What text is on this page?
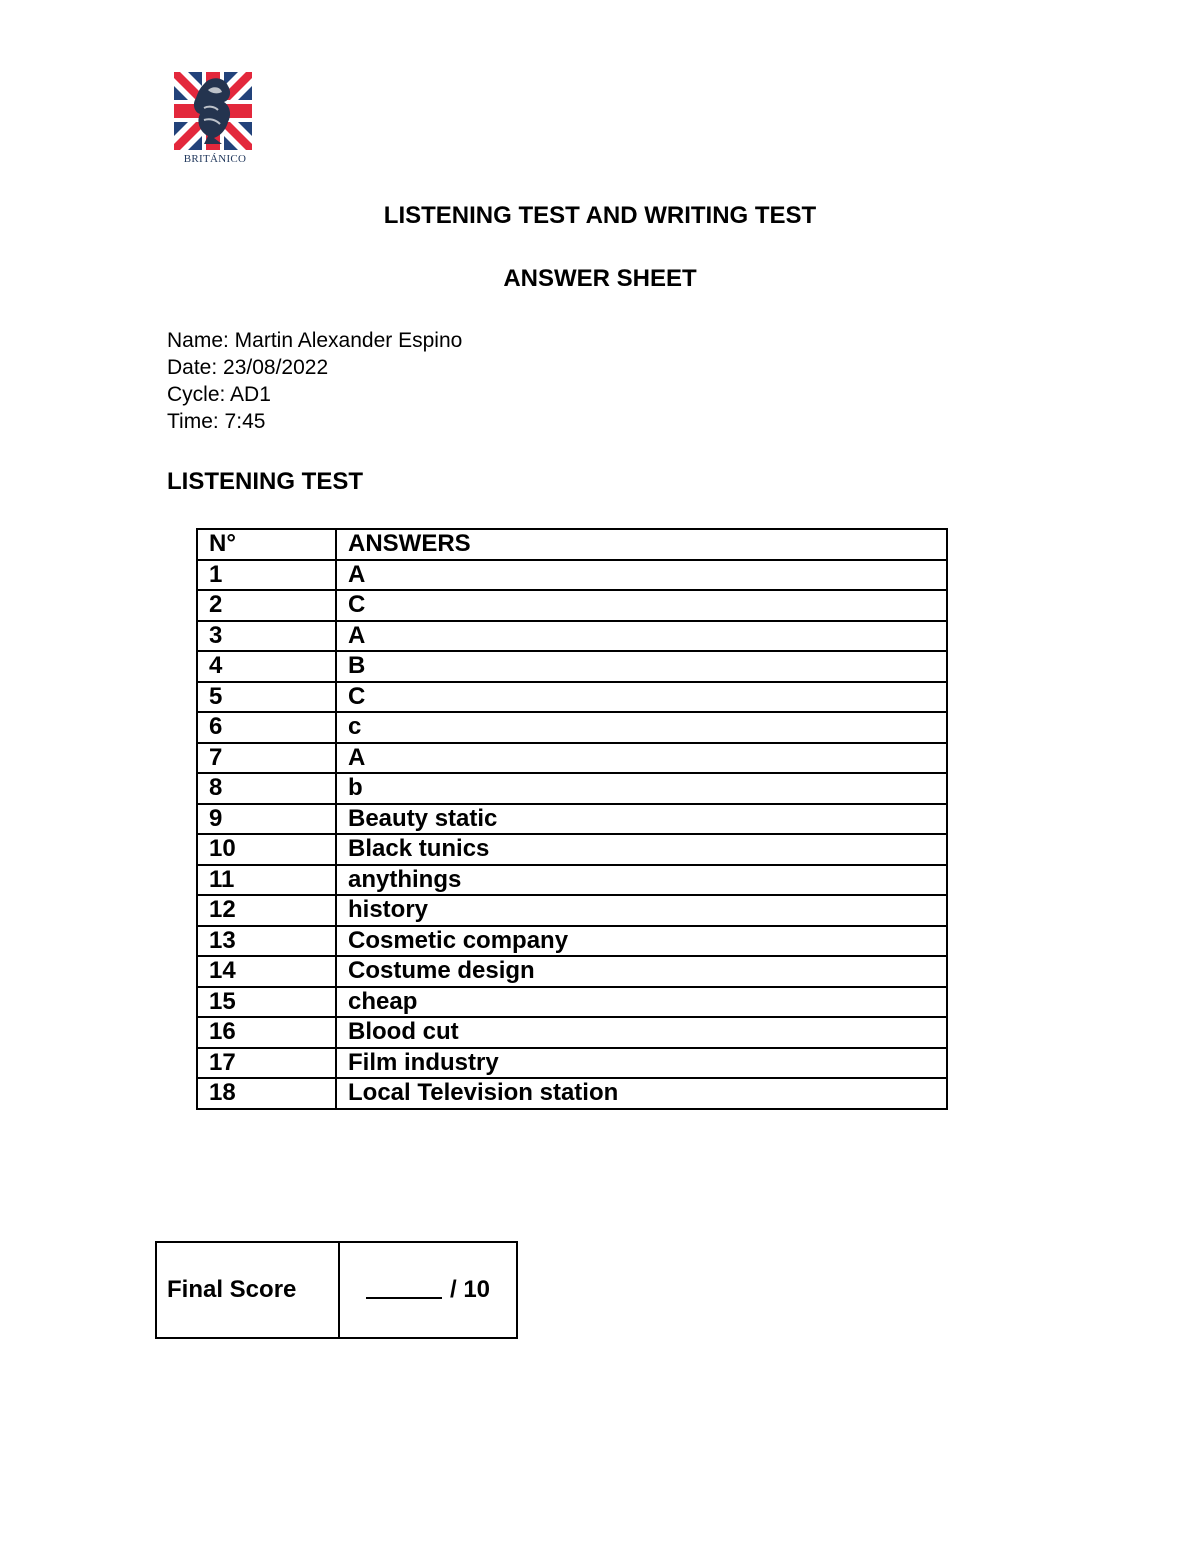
BRITÁNICO
LISTENING TEST AND WRITING TEST
ANSWER SHEET
Name: Martin Alexander Espino
Date: 23/08/2022
Cycle: AD1
Time: 7:45
LISTENING TEST
N°	ANSWERS
1	A
2	C
3	A
4	B
5	C
6	c
7	A
8	b
9	Beauty static
10	Black tunics
11	anythings
12	history
13	Cosmetic company
14	Costume design
15	cheap
16	Blood cut
17	Film industry
18	Local Television station
Final Score	/ 10
